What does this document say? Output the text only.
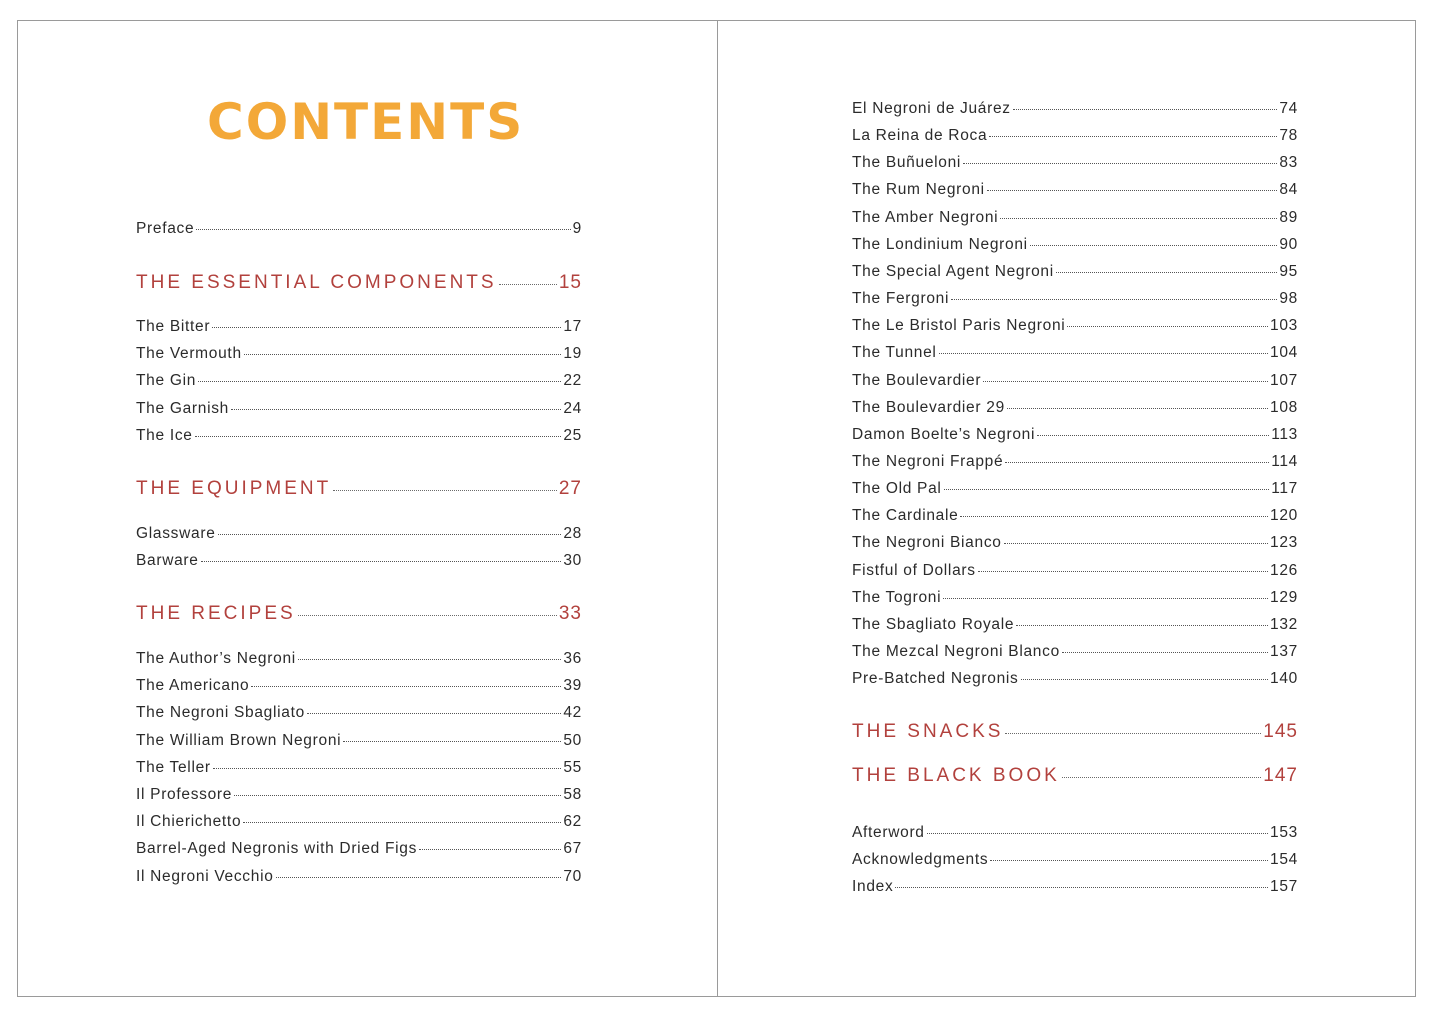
CONTENTS
Preface	9
THE ESSENTIAL COMPONENTS	15
The Bitter	17
The Vermouth	19
The Gin	22
The Garnish	24
The Ice	25
THE EQUIPMENT	27
Glassware	28
Barware	30
THE RECIPES	33
The Author’s Negroni	36
The Americano	39
The Negroni Sbagliato	42
The William Brown Negroni	50
The Teller	55
Il Professore	58
Il Chierichetto	62
Barrel-Aged Negronis with Dried Figs	67
Il Negroni Vecchio	70
El Negroni de Juárez	74
La Reina de Roca	78
The Buñueloni	83
The Rum Negroni	84
The Amber Negroni	89
The Londinium Negroni	90
The Special Agent Negroni	95
The Fergroni	98
The Le Bristol Paris Negroni	103
The Tunnel	104
The Boulevardier	107
The Boulevardier 29	108
Damon Boelte’s Negroni	113
The Negroni Frappé	114
The Old Pal	117
The Cardinale	120
The Negroni Bianco	123
Fistful of Dollars	126
The Togroni	129
The Sbagliato Royale	132
The Mezcal Negroni Blanco	137
Pre-Batched Negronis	140
THE SNACKS	145
THE BLACK BOOK	147
Afterword	153
Acknowledgments	154
Index	157
